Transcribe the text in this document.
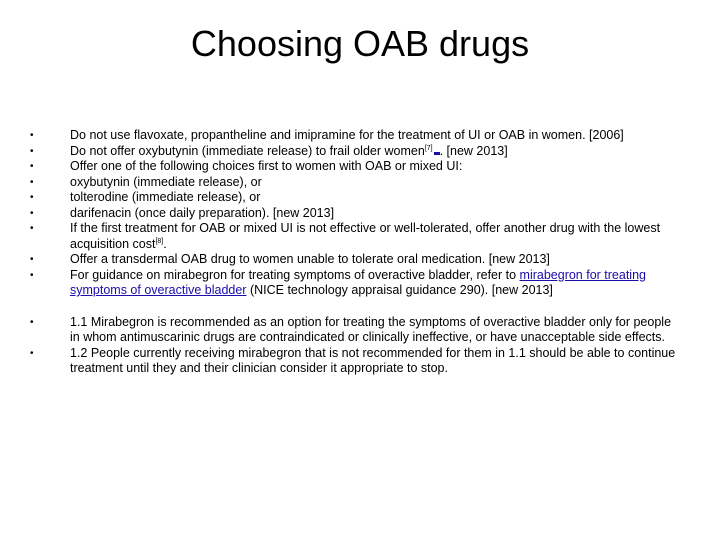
Choosing OAB drugs
•	Do not use flavoxate, propantheline and imipramine for the treatment of UI or OAB in women. [2006]
•	Do not offer oxybutynin (immediate release) to frail older women[7] . [new 2013]
•	Offer one of the following choices first to women with OAB or mixed UI:
•	oxybutynin (immediate release), or
•	tolterodine (immediate release), or
•	darifenacin (once daily preparation). [new 2013]
•	If the first treatment for OAB or mixed UI is not effective or well-tolerated, offer another drug with the lowest acquisition cost[8].
•	Offer a transdermal OAB drug to women unable to tolerate oral medication. [new 2013]
•	For guidance on mirabegron for treating symptoms of overactive bladder, refer to mirabegron for treating symptoms of overactive bladder (NICE technology appraisal guidance 290). [new 2013]
•	1.1 Mirabegron is recommended as an option for treating the symptoms of overactive bladder only for people in whom antimuscarinic drugs are contraindicated or clinically ineffective, or have unacceptable side effects.
•	1.2 People currently receiving mirabegron that is not recommended for them in 1.1 should be able to continue treatment until they and their clinician consider it appropriate to stop.
